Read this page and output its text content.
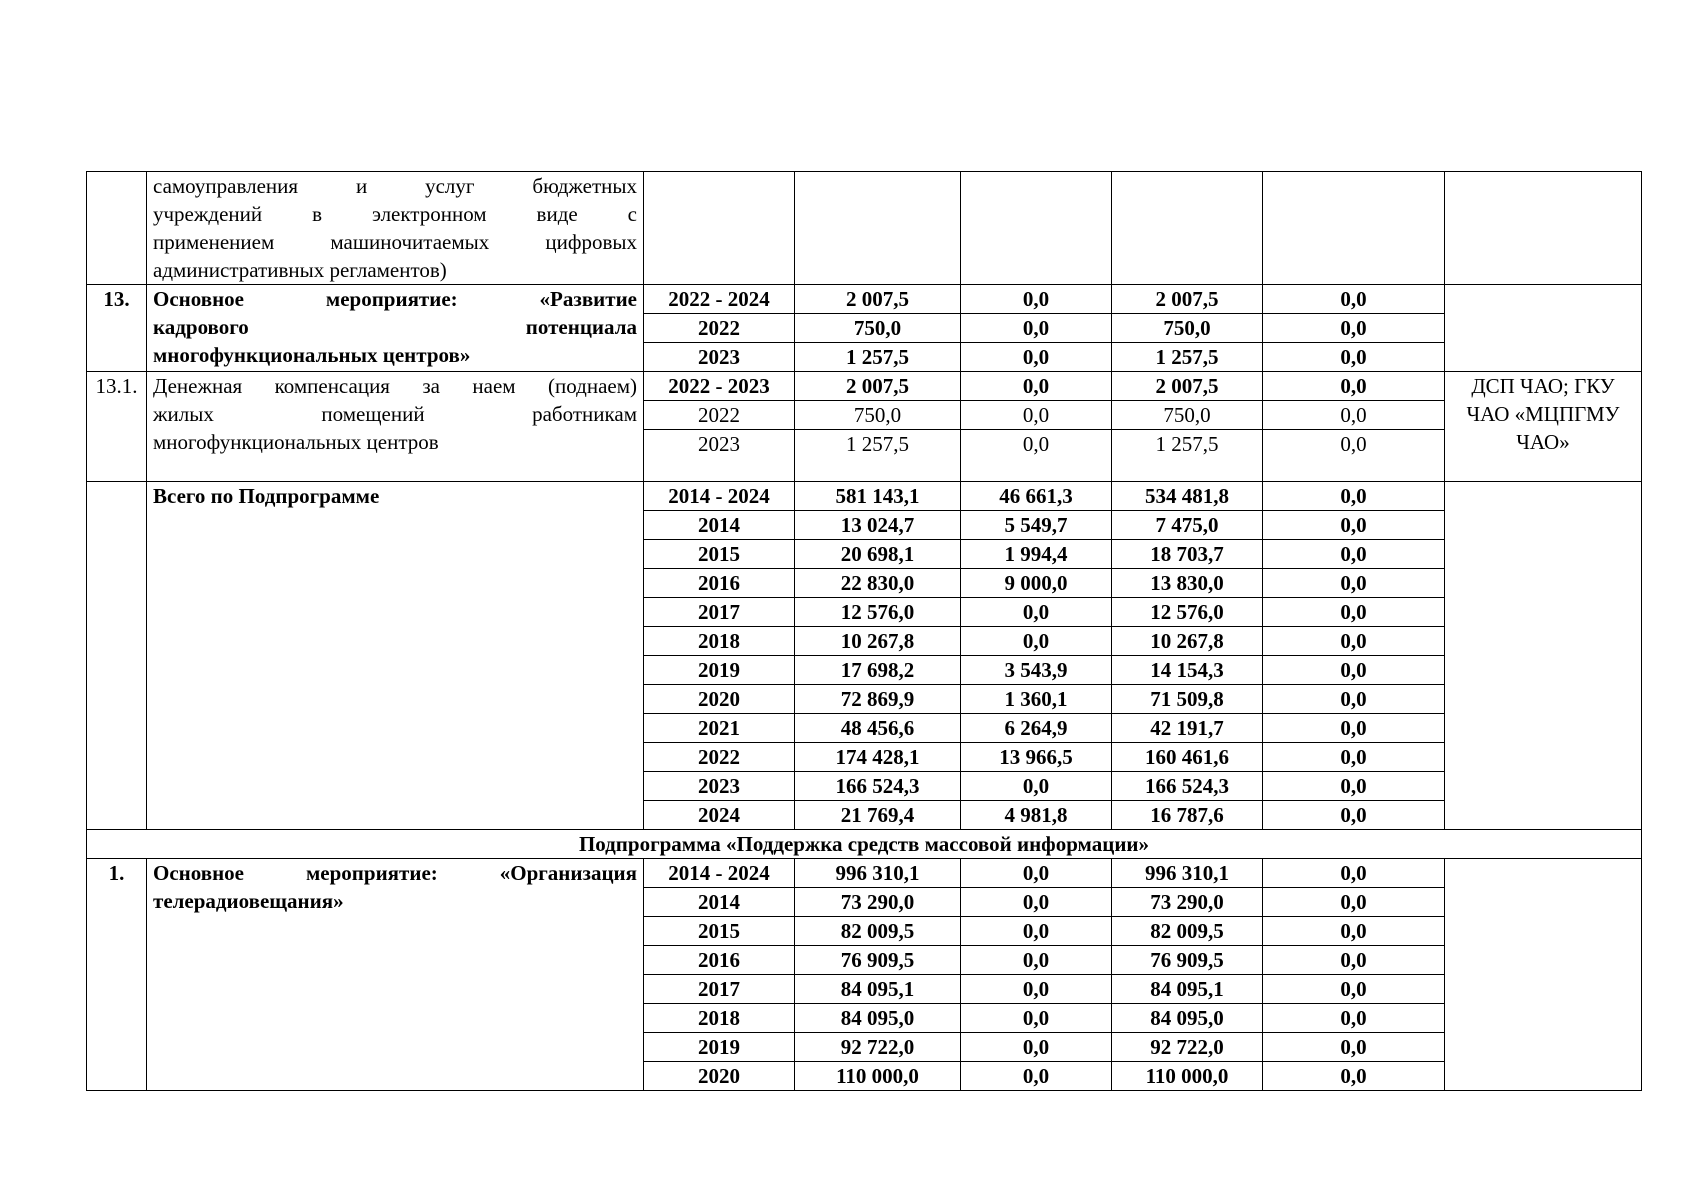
	самоуправления и услуг бюджетных
учреждений в электронном виде с
применением машиночитаемых цифровых
административных регламентов)						

13.	Основное мероприятие: «Развитие
кадрового потенциала
многофункциональных центров»	2022 - 2024	2 007,5	0,0	2 007,5	0,0	
		2022	750,0	0,0	750,0	0,0	
		2023	1 257,5	0,0	1 257,5	0,0	
13.1.	Денежная компенсация за наем (поднаем)
жилых помещений работникам
многофункциональных центров	2022 - 2023	2 007,5	0,0	2 007,5	0,0	ДСП ЧАО; ГКУ ЧАО «МЦПГМУ ЧАО»
		2022	750,0	0,0	750,0	0,0	
		2023	1 257,5	0,0	1 257,5	0,0	
	Всего по Подпрограмме	2014 - 2024	581 143,1	46 661,3	534 481,8	0,0	
		2014	13 024,7	5 549,7	7 475,0	0,0	
		2015	20 698,1	1 994,4	18 703,7	0,0	
		2016	22 830,0	9 000,0	13 830,0	0,0	
		2017	12 576,0	0,0	12 576,0	0,0	
		2018	10 267,8	0,0	10 267,8	0,0	
		2019	17 698,2	3 543,9	14 154,3	0,0	
		2020	72 869,9	1 360,1	71 509,8	0,0	
		2021	48 456,6	6 264,9	42 191,7	0,0	
		2022	174 428,1	13 966,5	160 461,6	0,0	
		2023	166 524,3	0,0	166 524,3	0,0	
		2024	21 769,4	4 981,8	16 787,6	0,0	
Подпрограмма «Поддержка средств массовой информации»							
1.	Основное мероприятие: «Организация
телерадиовещания»	2014 - 2024	996 310,1	0,0	996 310,1	0,0	
		2014	73 290,0	0,0	73 290,0	0,0	
		2015	82 009,5	0,0	82 009,5	0,0	
		2016	76 909,5	0,0	76 909,5	0,0	
		2017	84 095,1	0,0	84 095,1	0,0	
		2018	84 095,0	0,0	84 095,0	0,0	
		2019	92 722,0	0,0	92 722,0	0,0	
		2020	110 000,0	0,0	110 000,0	0,0	
